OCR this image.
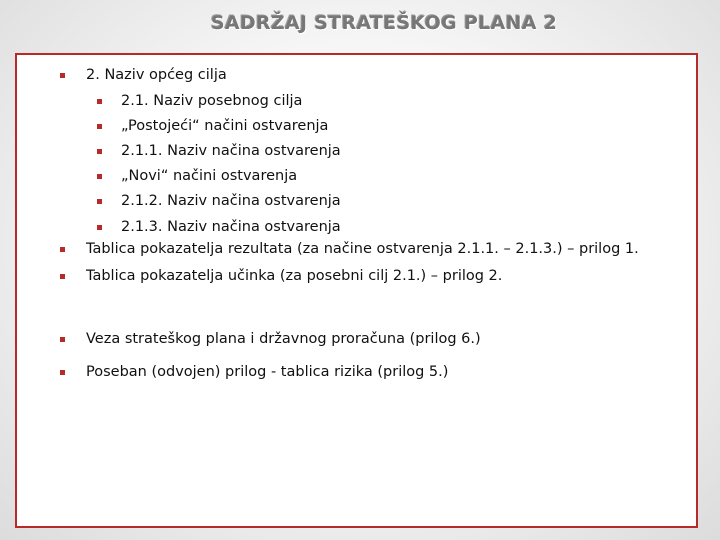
SADRŽAJ STRATEŠKOG PLANA 2
2. Naziv općeg cilja
2.1. Naziv posebnog cilja
„Postojeći“ načini ostvarenja
2.1.1. Naziv načina ostvarenja
„Novi“ načini ostvarenja
2.1.2. Naziv načina ostvarenja
2.1.3. Naziv načina ostvarenja
Tablica pokazatelja rezultata (za načine ostvarenja 2.1.1. – 2.1.3.) – prilog 1.
Tablica pokazatelja učinka (za posebni cilj 2.1.) – prilog 2.
Veza strateškog plana i državnog proračuna (prilog 6.)
Poseban (odvojen) prilog - tablica rizika (prilog 5.)
